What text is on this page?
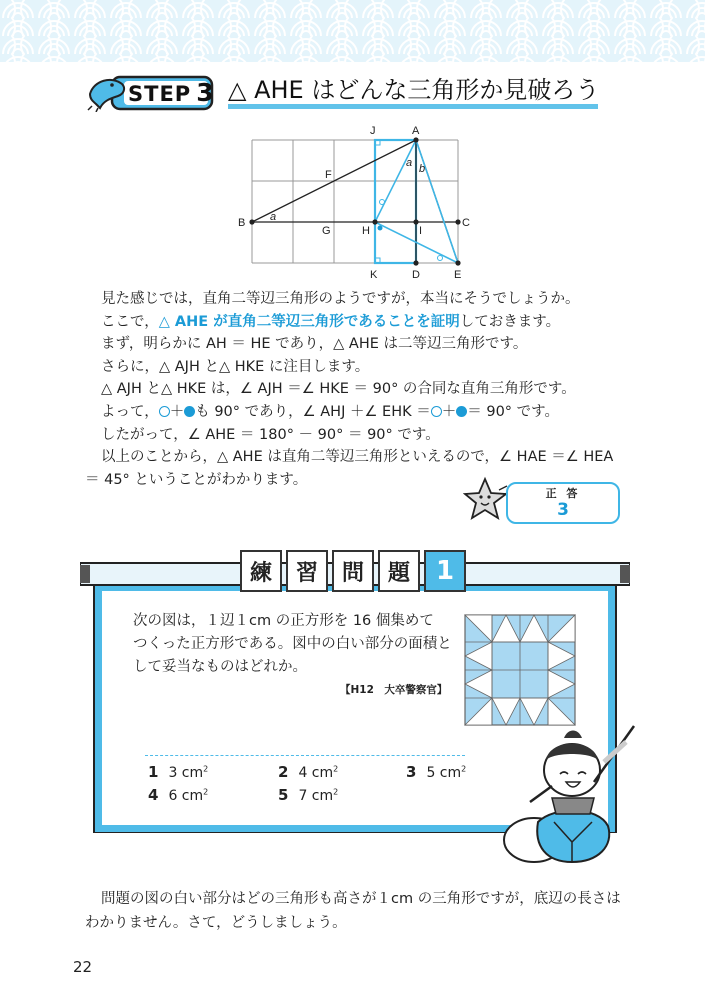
STEP 3 △ AHE はどんな三角形か見破ろう
J	A
F
B
G	H	I
C
K	D	E
a
a b

見た感じでは，直角二等辺三角形のようですが，本当にそうでしょうか。

ここで，△ AHE が直角二等辺三角形であることを証明しておきます。

まず，明らかに AH ＝ HE であり，△ AHE は二等辺三角形です。

さらに，△ AJH と△ HKE に注目します。

△ AJH と△ HKE は，∠ AJH ＝∠ HKE ＝ 90° の合同な直角三角形です。

よって， ＋ も 90° であり，∠ AHJ ＋∠ EHK ＝ ＋ ＝ 90° です。

したがって，∠ AHE ＝ 180° － 90° ＝ 90° です。

以上のことから，△ AHE は直角二等辺三角形といえるので，∠ HAE ＝∠ HEA

＝ 45° ということがわかります。

正 答
3
練	習	問	題 1

次の図は，１辺１cm の正方形を 16 個集めて

つくった正方形である。図中の白い部分の面積と

して妥当なものはどれか。

【H12　大卒警察官】
1 3 $cm^2$	2 4 $cm^2$	3 5 $cm^2$
4 6 $cm^2$	5 7 $cm^2$

問題の図の白い部分はどの三角形も高さが１cm の三角形ですが，底辺の長さは

わかりません。さて，どうしましょう。

22
